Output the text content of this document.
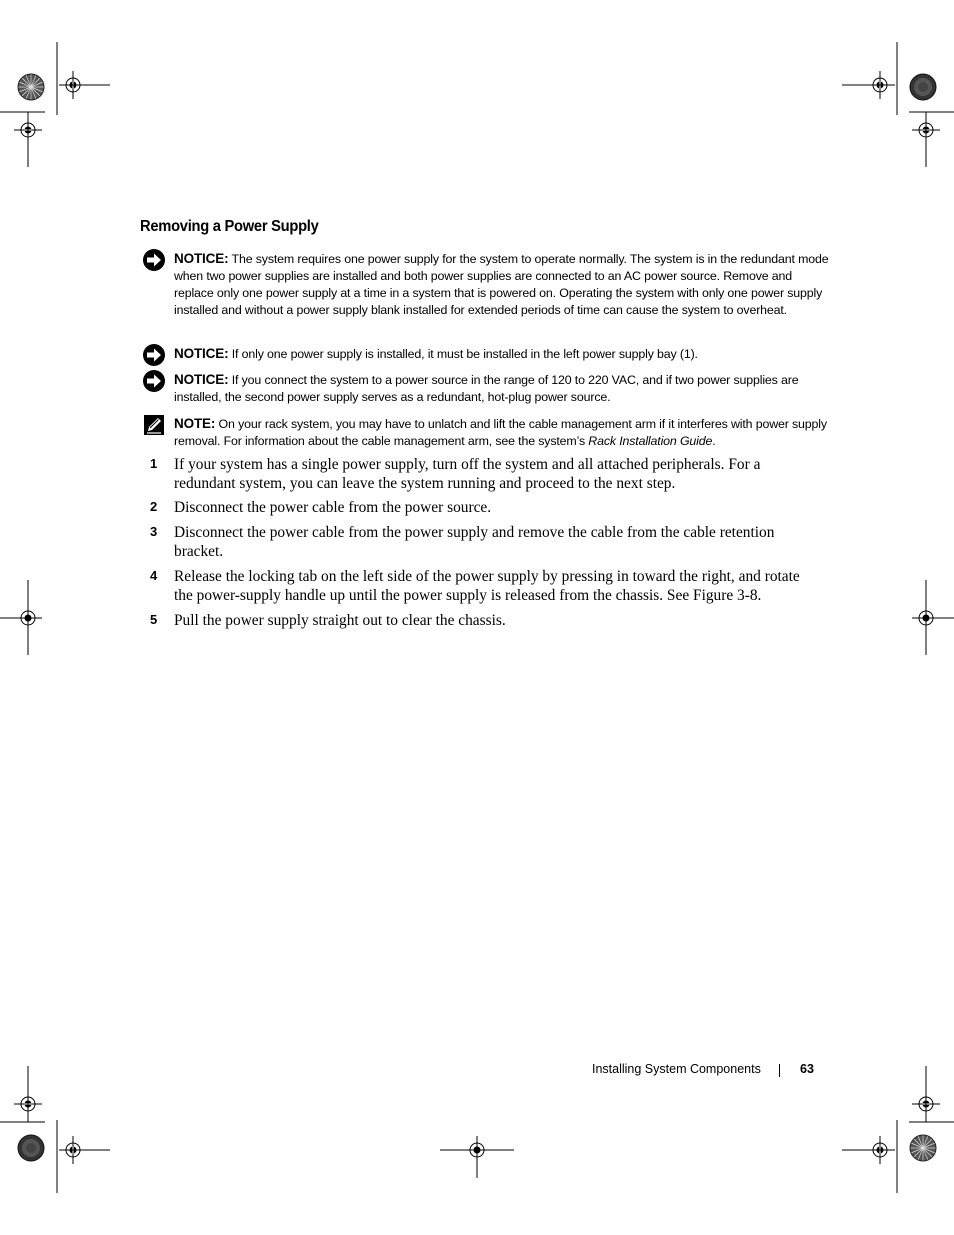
Removing a Power Supply
NOTICE: The system requires one power supply for the system to operate normally. The system is in the redundant mode when two power supplies are installed and both power supplies are connected to an AC power source. Remove and replace only one power supply at a time in a system that is powered on. Operating the system with only one power supply installed and without a power supply blank installed for extended periods of time can cause the system to overheat.
NOTICE: If only one power supply is installed, it must be installed in the left power supply bay (1).
NOTICE: If you connect the system to a power source in the range of 120 to 220 VAC, and if two power supplies are installed, the second power supply serves as a redundant, hot-plug power source.
NOTE: On your rack system, you may have to unlatch and lift the cable management arm if it interferes with power supply removal. For information about the cable management arm, see the system’s Rack Installation Guide.
1	If your system has a single power supply, turn off the system and all attached peripherals. For a redundant system, you can leave the system running and proceed to the next step.
2	Disconnect the power cable from the power source.
3	Disconnect the power cable from the power supply and remove the cable from the cable retention bracket.
4	Release the locking tab on the left side of the power supply by pressing in toward the right, and rotate the power-supply handle up until the power supply is released from the chassis. See Figure 3-8.
5	Pull the power supply straight out to clear the chassis.
Installing System Components	63
